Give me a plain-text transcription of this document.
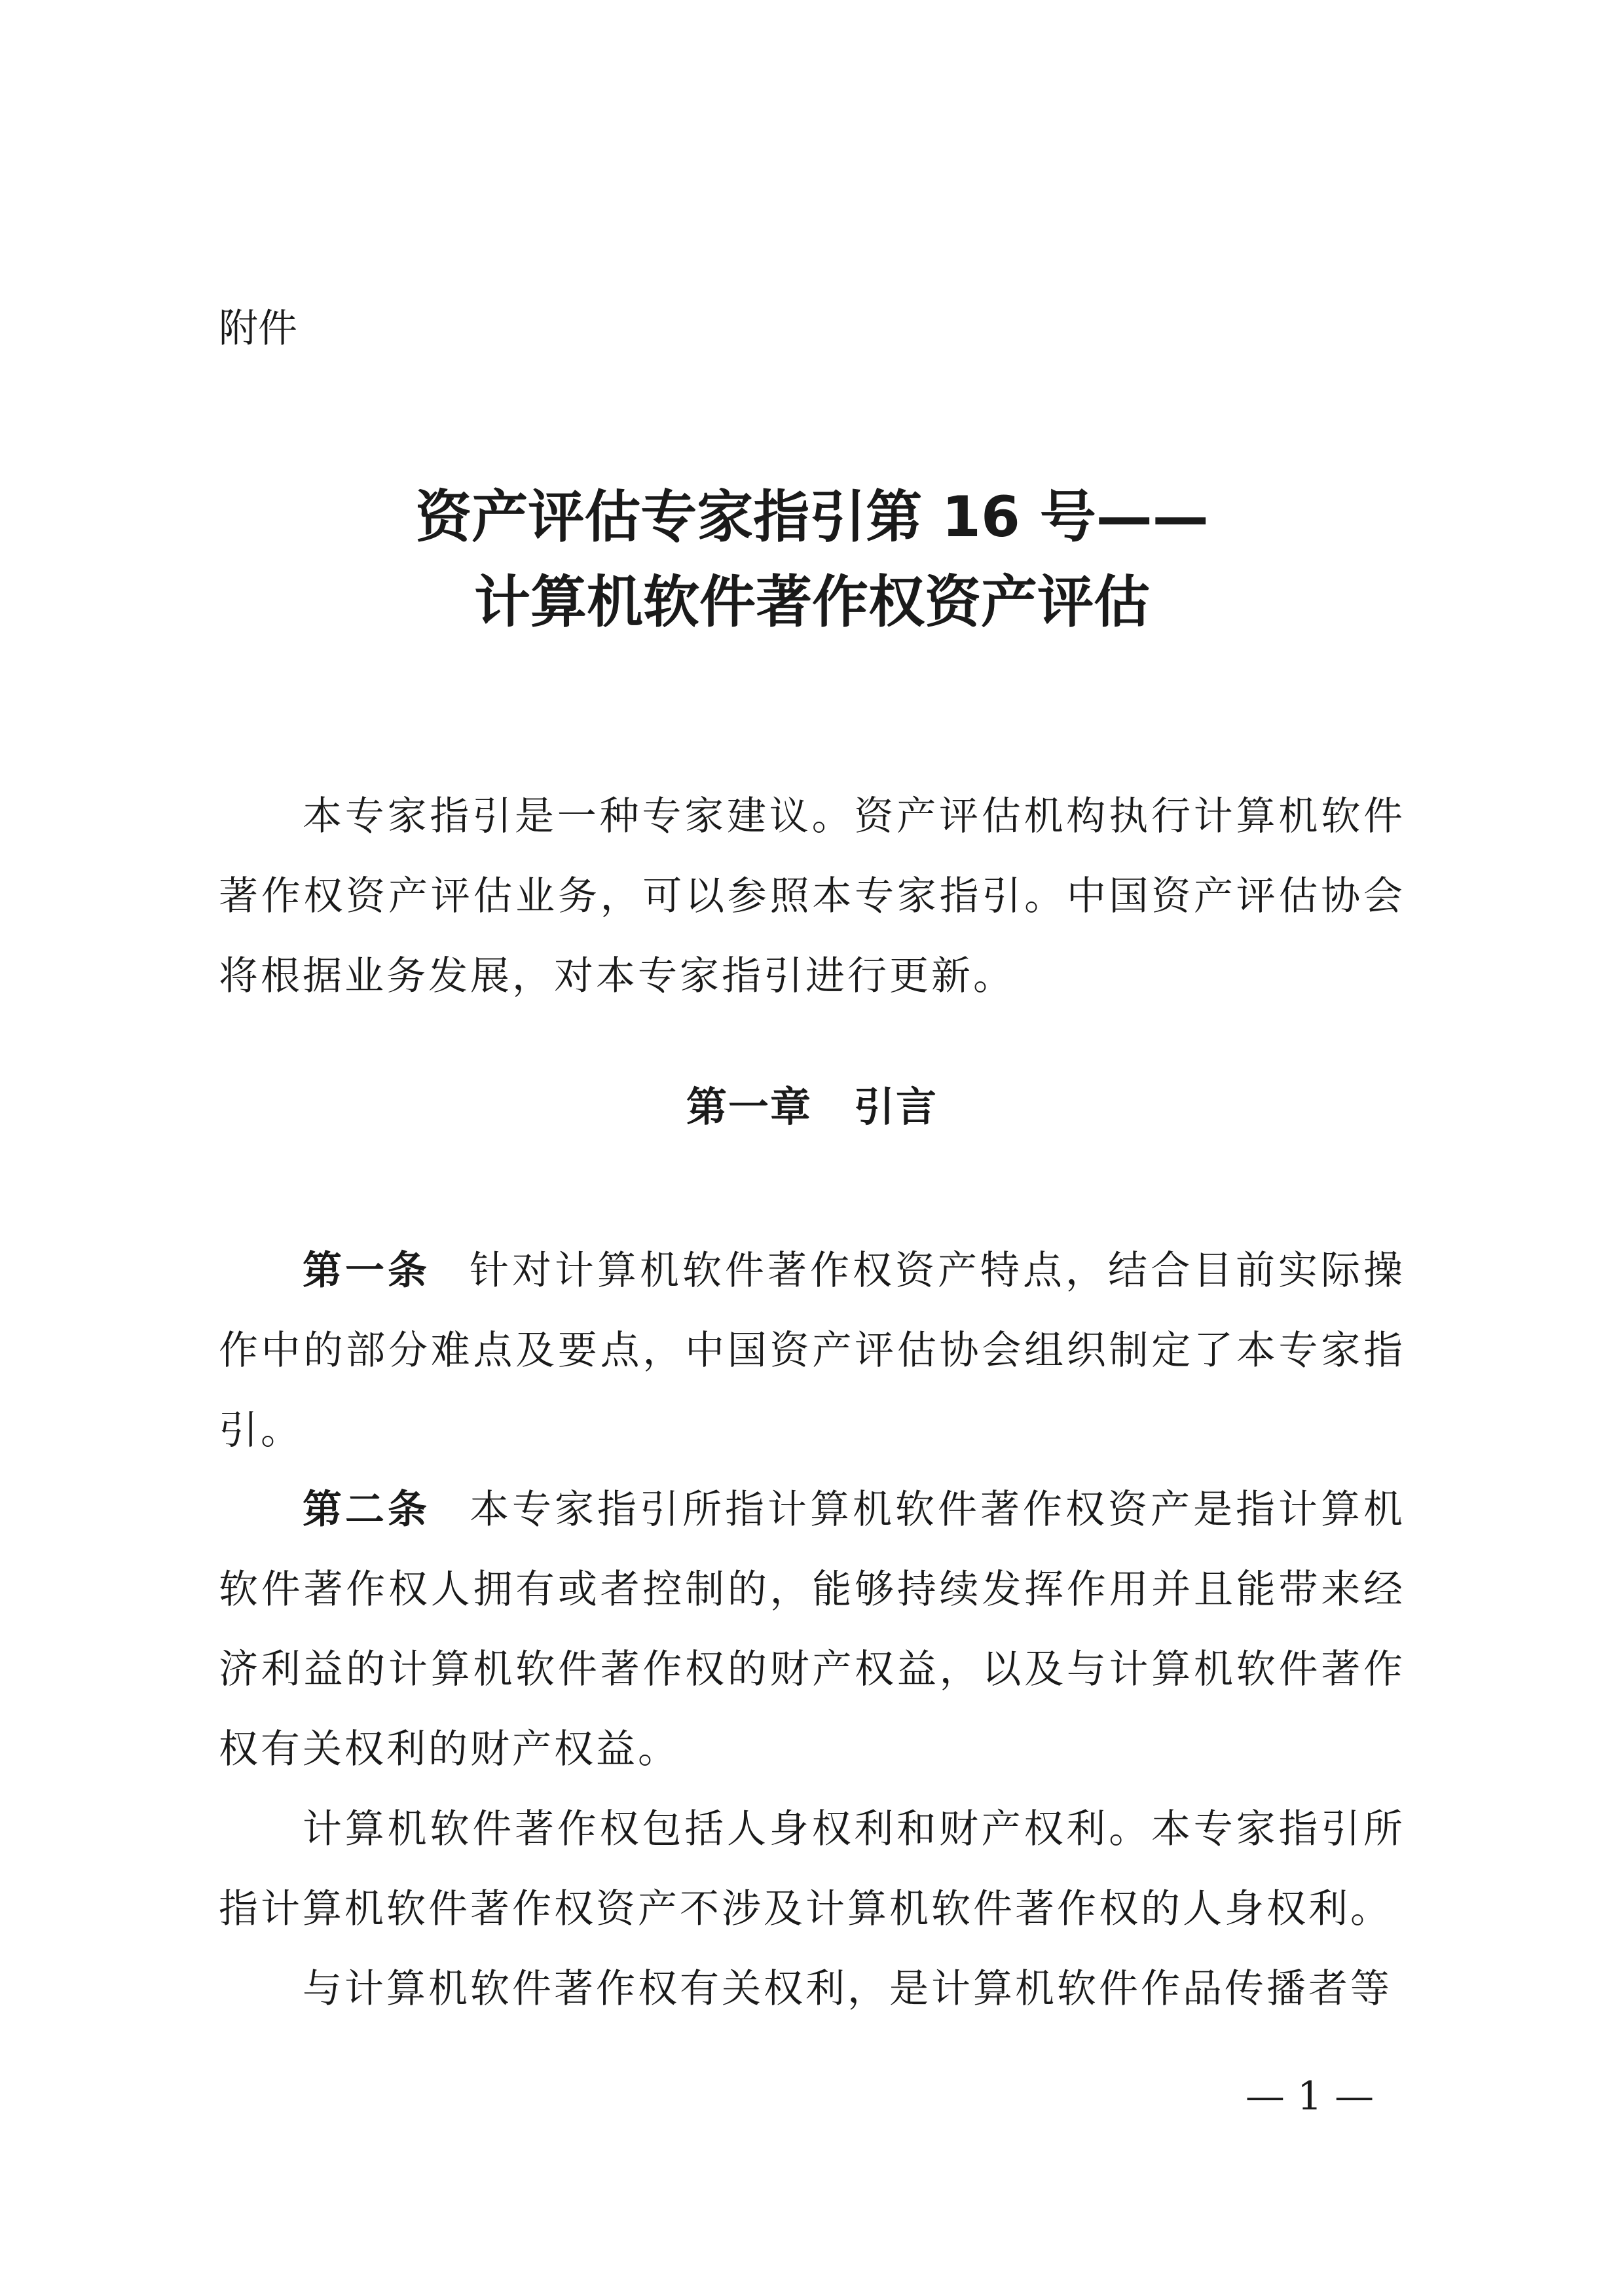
附件

资产评估专家指引第 16 号——
计算机软件著作权资产评估

本专家指引是一种专家建议。资产评估机构执行计算机软件著作权资产评估业务，可以参照本专家指引。中国资产评估协会将根据业务发展，对本专家指引进行更新。

第一章　引言

第一条 针对计算机软件著作权资产特点，结合目前实际操作中的部分难点及要点，中国资产评估协会组织制定了本专家指引。

第二条 本专家指引所指计算机软件著作权资产是指计算机软件著作权人拥有或者控制的，能够持续发挥作用并且能带来经济利益的计算机软件著作权的财产权益，以及与计算机软件著作权有关权利的财产权益。

计算机软件著作权包括人身权利和财产权利。本专家指引所指计算机软件著作权资产不涉及计算机软件著作权的人身权利。

与计算机软件著作权有关权利，是计算机软件作品传播者等

— 1 —
